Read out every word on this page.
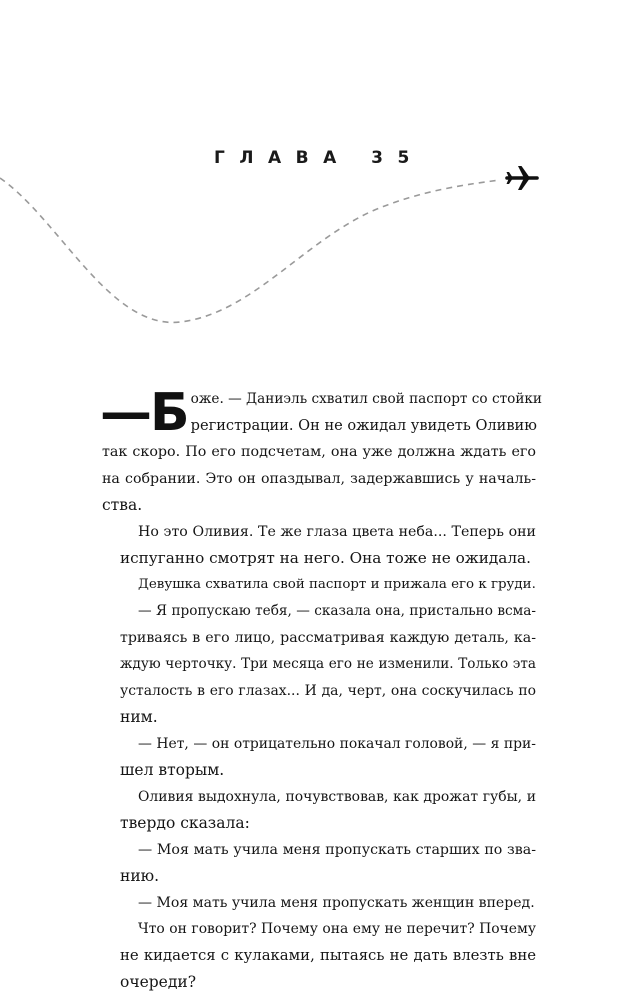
ГЛАВА 35

—Б оже. — Даниэль схватил свой паспорт со стойки
регистрации. Он не ожидал увидеть Оливию
так скоро. По его подсчетам, она уже должна ждать его
на собрании. Это он опаздывал, задержавшись у началь-
ства.

Но это Оливия. Те же глаза цвета неба... Теперь они
испуганно смотрят на него. Она тоже не ожидала.

Девушка схватила свой паспорт и прижала его к груди.

— Я пропускаю тебя, — сказала она, пристально всма-
триваясь в его лицо, рассматривая каждую деталь, ка-
ждую черточку. Три месяца его не изменили. Только эта
усталость в его глазах... И да, черт, она соскучилась по
ним.

— Нет, — он отрицательно покачал головой, — я при-
шел вторым.

Оливия выдохнула, почувствовав, как дрожат губы, и
твердо сказала:

— Моя мать учила меня пропускать старших по зва-
нию.

— Моя мать учила меня пропускать женщин вперед.

Что он говорит? Почему она ему не перечит? Почему
не кидается с кулаками, пытаясь не дать влезть вне
очереди?
